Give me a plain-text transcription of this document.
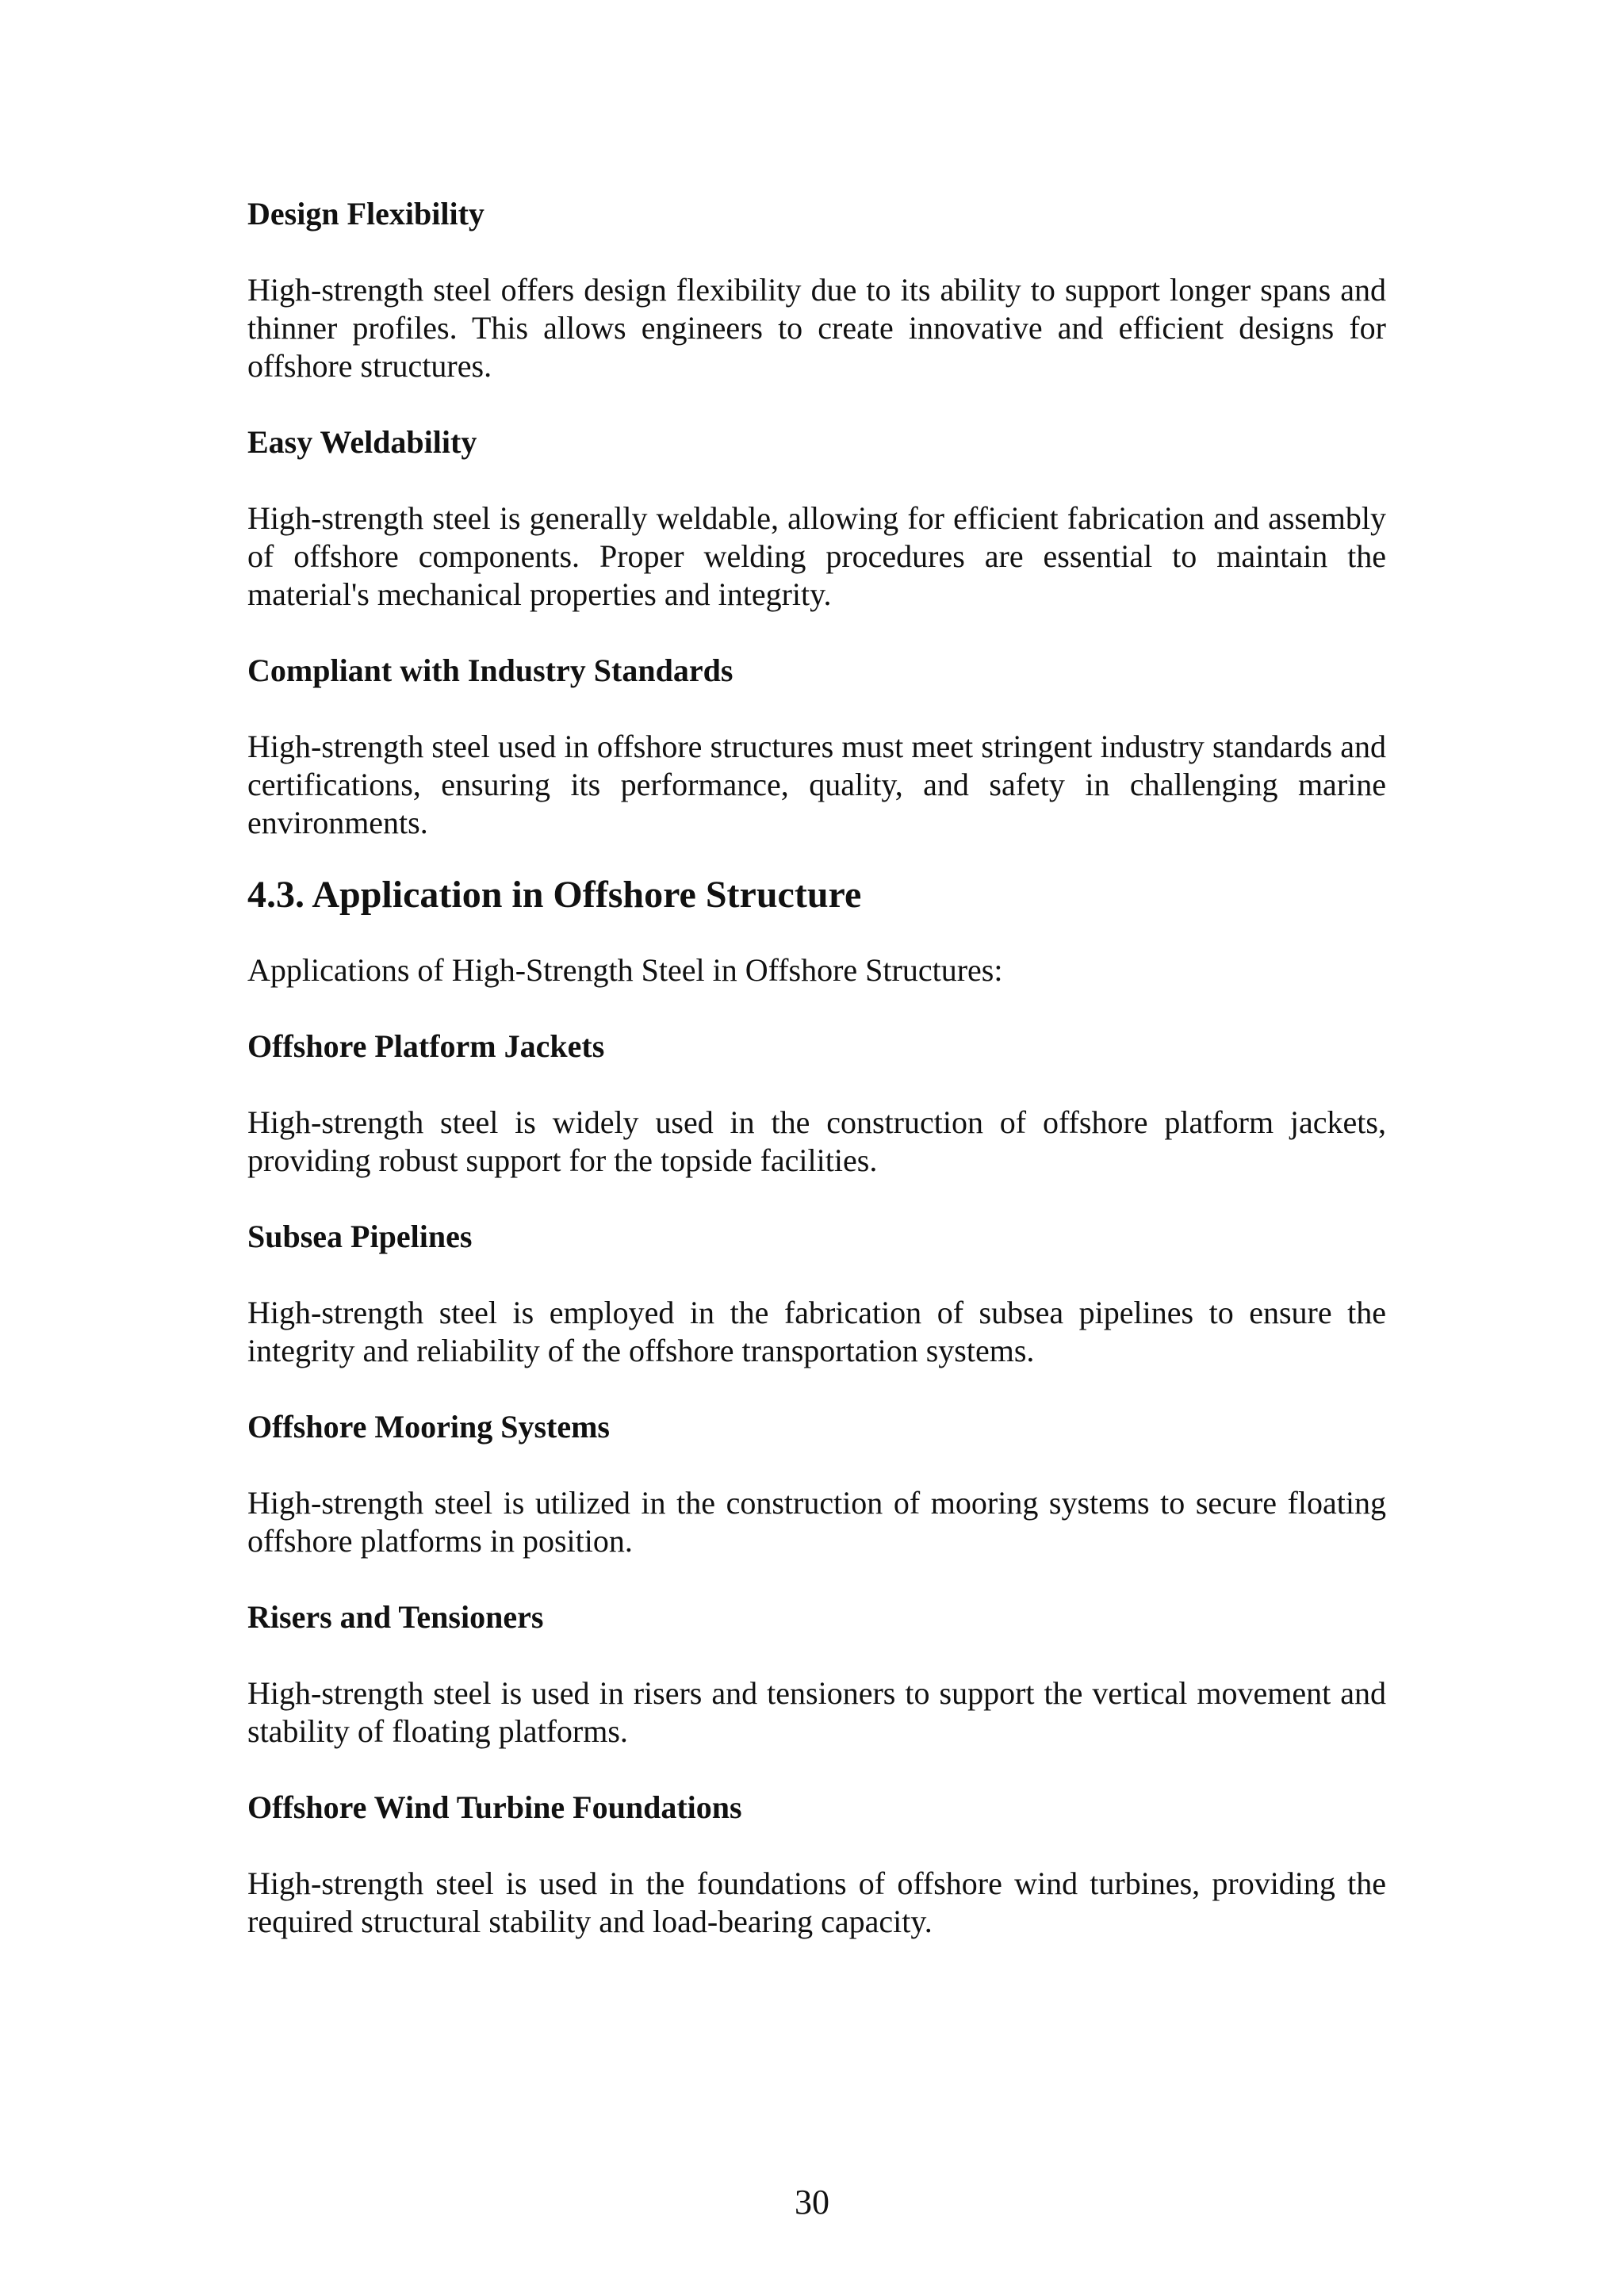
Design Flexibility

High-strength steel offers design flexibility due to its ability to support longer spans and thinner profiles. This allows engineers to create innovative and efficient designs for offshore structures.

Easy Weldability

High-strength steel is generally weldable, allowing for efficient fabrication and assembly of offshore components. Proper welding procedures are essential to maintain the material's mechanical properties and integrity.

Compliant with Industry Standards

High-strength steel used in offshore structures must meet stringent industry standards and certifications, ensuring its performance, quality, and safety in challenging marine environments.

4.3. Application in Offshore Structure

Applications of High-Strength Steel in Offshore Structures:

Offshore Platform Jackets

High-strength steel is widely used in the construction of offshore platform jackets, providing robust support for the topside facilities.

Subsea Pipelines

High-strength steel is employed in the fabrication of subsea pipelines to ensure the integrity and reliability of the offshore transportation systems.

Offshore Mooring Systems

High-strength steel is utilized in the construction of mooring systems to secure floating offshore platforms in position.

Risers and Tensioners

High-strength steel is used in risers and tensioners to support the vertical movement and stability of floating platforms.

Offshore Wind Turbine Foundations

High-strength steel is used in the foundations of offshore wind turbines, providing the required structural stability and load-bearing capacity.

30
